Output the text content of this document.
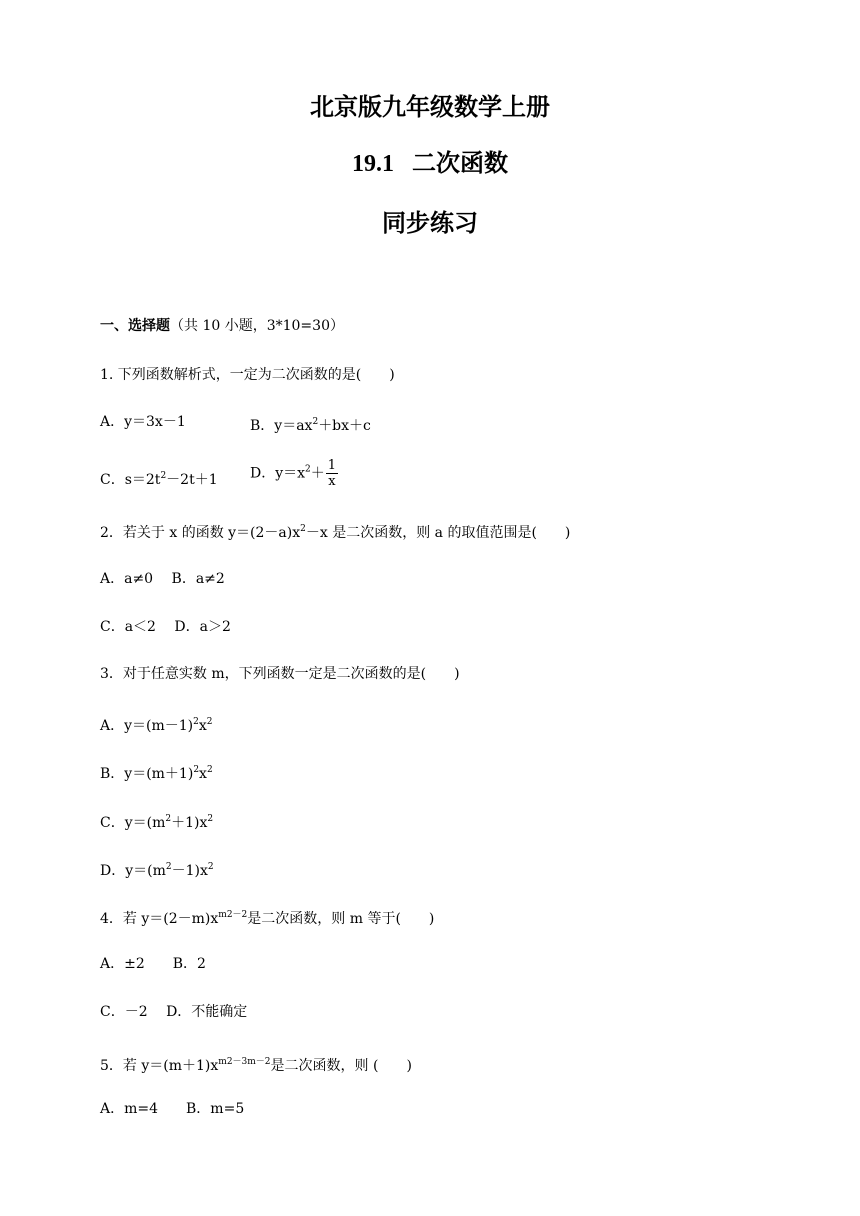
北京版九年级数学上册
19.1 二次函数
同步练习
一、选择题（共 10 小题，3*10=30）
1. 下列函数解析式，一定为二次函数的是(　　)
A．y＝3x－1	B．$y=ax^2+bx+c$
C．$s=2t^2-2t+1$ D．$y=x^2+ \frac{1}{x}$
2．若关于 x 的函数 $y=(2-a)x^2-x$ 是二次函数，则 a 的取值范围是(　　)
A．a≠0　 B．a≠2
C．a＜2　 D．a＞2
3．对于任意实数 m，下列函数一定是二次函数的是(　　)
A．$y=(m-1)^2x^2$
B．$y=(m+1)^2x^2$
C．$y=(m^2+1)x^2$
D．$y=(m^2-1)x^2$
4．若 $y=(2-m)x^{m2-2}$是二次函数，则 m 等于(　　)
A．±2　　B．2
C．－2　 D．不能确定
5．若 $y=(m+1)x^{m2-3m-2}$是二次函数，则 (　　)
A．m=4　　B．m=5
